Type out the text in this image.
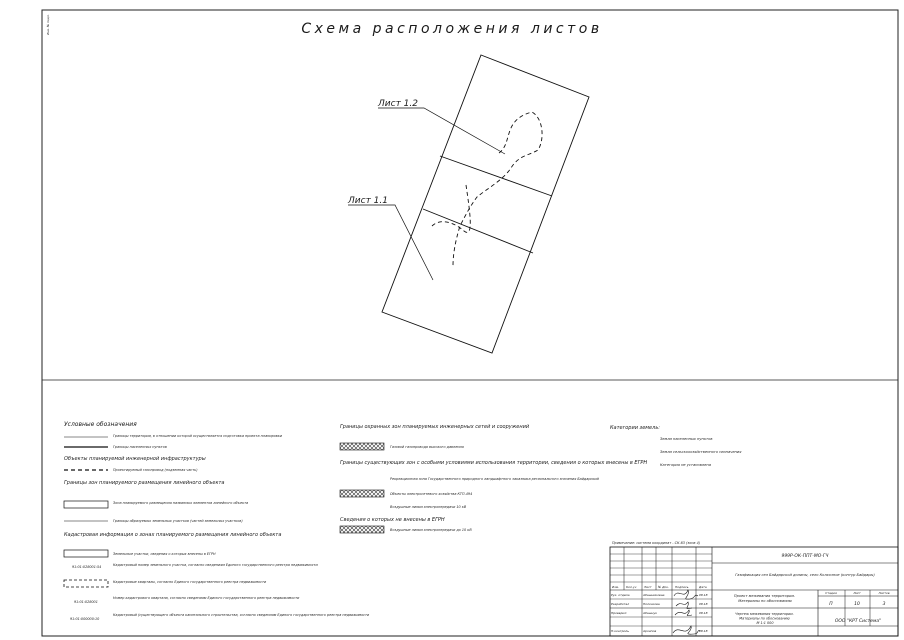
Инв. № подл.	Схема расположения листов
Лист 1.2
Лист 1.1
Условные обозначения
Границы территории, в отношении которой осуществляется подготовка проекта планировки
Границы населенных пунктов
Объекты планируемой инженерной инфраструктуры
Проектируемый газопровод (подземная часть)
Границы зон планируемого размещения линейного объекта
Зона планируемого размещения названных элементов линейного объекта
Границы образуемых земельных участков (частей земельных участков)
Кадастровая информация о зонах планируемого размещения линейного объекта
Земельные участки, сведения о которых внесены в ЕГРН
91:01:028001:54	Кадастровый номер земельного участка, согласно сведениям Единого государственного реестра недвижимости
Кадастровые кварталы, согласно Единого государственного реестра недвижимости
91:01:028001
Номер кадастрового квартала, согласно сведениям Единого государственного реестра недвижимости
91:01:000000:10
Кадастровый (существующего объекта капитального строительства, согласно сведениям Единого государственного реестра недвижимости
Границы охранных зон планируемых инженерных сетей и сооружений
Газовой газопровода высокого давления
Границы существующих зон с особыми условиями использования территории, сведения о которых внесены в ЕГРН
Рекреационная зона Государственного природного ландшафтного заказника регионального значения Байдарский
Объекты электросетевого хозяйства КТП-494
Воздушные линии электропередачи 10 кВ
Сведения о которых не внесены в ЕГРН
Воздушные линии электропередачи до 10 кВ
Категории земель:
Земли населенных пунктов
Земли сельскохозяйственного назначения
Категория не установлена
Примечание: система координат - СК-63 (зона 4)
Изм. Кол.уч	Лист	№ Док. Подпись	Дата
Рук. отдела	Абашниковаа	08.18
Разработал	Полозкова	08.18
Проверил	Абашнук	08.18
Н.контроль	Архипов	08.18
999Р-ОК-ППТ-МО-ГЧ
Газификация сел Байдарской долины, село Колхозное (контур Байдары)
Проект межевания территории. Материалы по обоснованию
Чертеж межевания территории. Материалы по обоснованию М 1:1 000
Стадия	Лист	Листов
П	10	3
ООО "КРТ Система"
